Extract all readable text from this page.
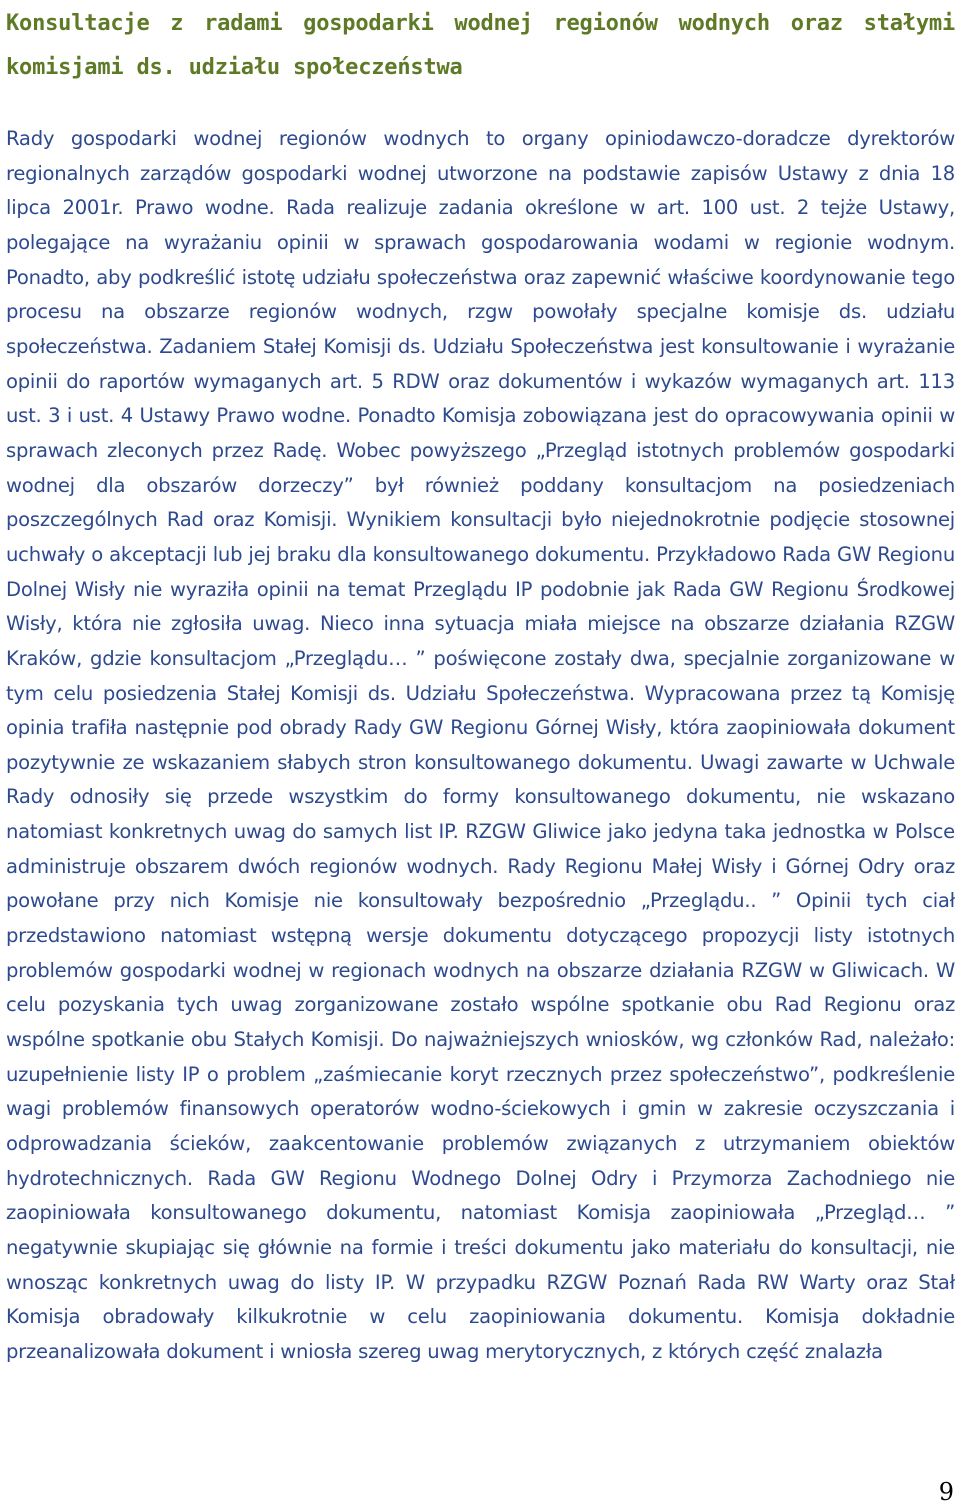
Konsultacje z radami gospodarki wodnej regionów wodnych oraz stałymi komisjami ds. udziału społeczeństwa

Rady gospodarki wodnej regionów wodnych to organy opiniodawczo-doradcze dyrektorów regionalnych zarządów gospodarki wodnej utworzone na podstawie zapisów Ustawy z dnia 18 lipca 2001r. Prawo wodne. Rada realizuje zadania określone w art. 100 ust. 2 tejże Ustawy, polegające na wyrażaniu opinii w sprawach gospodarowania wodami w regionie wodnym. Ponadto, aby podkreślić istotę udziału społeczeństwa oraz zapewnić właściwe koordynowanie tego procesu na obszarze regionów wodnych, rzgw powołały specjalne komisje ds. udziału społeczeństwa. Zadaniem Stałej Komisji ds. Udziału Społeczeństwa jest konsultowanie i wyrażanie opinii do raportów wymaganych art. 5 RDW oraz dokumentów i wykazów wymaganych art. 113 ust. 3 i ust. 4 Ustawy Prawo wodne. Ponadto Komisja zobowiązana jest do opracowywania opinii w sprawach zleconych przez Radę. Wobec powyższego „Przegląd istotnych problemów gospodarki wodnej dla obszarów dorzeczy” był również poddany konsultacjom na posiedzeniach poszczególnych Rad oraz Komisji. Wynikiem konsultacji było niejednokrotnie podjęcie stosownej uchwały o akceptacji lub jej braku dla konsultowanego dokumentu. Przykładowo Rada GW Regionu Dolnej Wisły nie wyraziła opinii na temat Przeglądu IP podobnie jak Rada GW Regionu Środkowej Wisły, która nie zgłosiła uwag. Nieco inna sytuacja miała miejsce na obszarze działania RZGW Kraków, gdzie konsultacjom „Przeglądu… ” poświęcone zostały dwa, specjalnie zorganizowane w tym celu posiedzenia Stałej Komisji ds. Udziału Społeczeństwa. Wypracowana przez tą Komisję opinia trafiła następnie pod obrady Rady GW Regionu Górnej Wisły, która zaopiniowała dokument pozytywnie ze wskazaniem słabych stron konsultowanego dokumentu. Uwagi zawarte w Uchwale Rady odnosiły się przede wszystkim do formy konsultowanego dokumentu, nie wskazano natomiast konkretnych uwag do samych list IP. RZGW Gliwice jako jedyna taka jednostka w Polsce administruje obszarem dwóch regionów wodnych. Rady Regionu Małej Wisły i Górnej Odry oraz powołane przy nich Komisje nie konsultowały bezpośrednio „Przeglądu.. ” Opinii tych ciał przedstawiono natomiast wstępną wersje dokumentu dotyczącego propozycji listy istotnych problemów gospodarki wodnej w regionach wodnych na obszarze działania RZGW w Gliwicach. W celu pozyskania tych uwag zorganizowane zostało wspólne spotkanie obu Rad Regionu oraz wspólne spotkanie obu Stałych Komisji. Do najważniejszych wniosków, wg członków Rad, należało: uzupełnienie listy IP o problem „zaśmiecanie koryt rzecznych przez społeczeństwo”, podkreślenie wagi problemów finansowych operatorów wodno-ściekowych i gmin w zakresie oczyszczania i odprowadzania ścieków, zaakcentowanie problemów związanych z utrzymaniem obiektów hydrotechnicznych. Rada GW Regionu Wodnego Dolnej Odry i Przymorza Zachodniego nie zaopiniowała konsultowanego dokumentu, natomiast Komisja zaopiniowała „Przegląd… ” negatywnie skupiając się głównie na formie i treści dokumentu jako materiału do konsultacji, nie wnosząc konkretnych uwag do listy IP. W przypadku RZGW Poznań Rada RW Warty oraz Stał Komisja obradowały kilkukrotnie w celu zaopiniowania dokumentu. Komisja dokładnie przeanalizowała dokument i wniosła szereg uwag merytorycznych, z których część znalazła

9
